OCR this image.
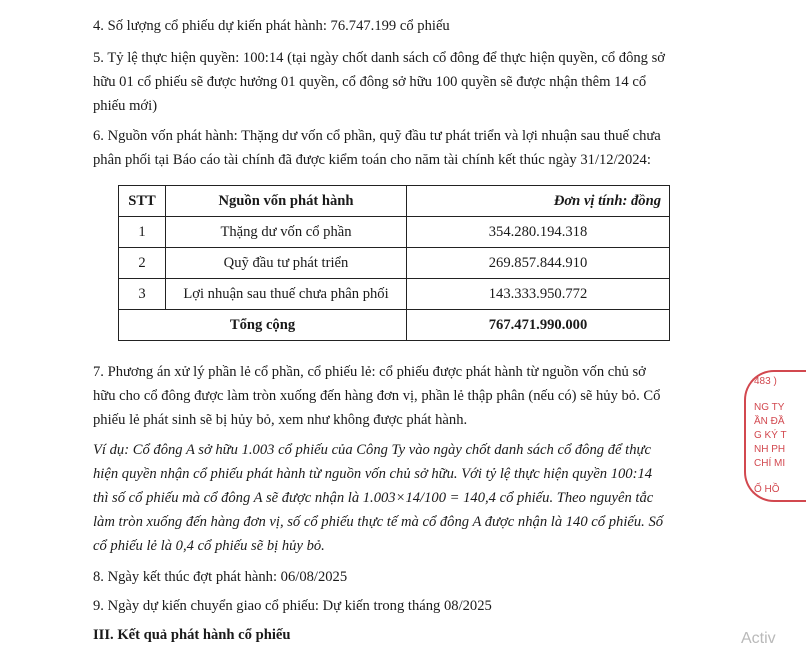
4. Số lượng cổ phiếu dự kiến phát hành: 76.747.199 cổ phiếu
5. Tỷ lệ thực hiện quyền: 100:14 (tại ngày chốt danh sách cổ đông để thực hiện quyền, cổ đông sở
hữu 01 cổ phiếu sẽ được hưởng 01 quyền, cổ đông sở hữu 100 quyền sẽ được nhận thêm 14 cổ
phiếu mới)
6. Nguồn vốn phát hành: Thặng dư vốn cổ phần, quỹ đầu tư phát triển và lợi nhuận sau thuế chưa
phân phối tại Báo cáo tài chính đã được kiểm toán cho năm tài chính kết thúc ngày 31/12/2024:
STT	Nguồn vốn phát hành	Đơn vị tính: đồng
1	Thặng dư vốn cổ phần	354.280.194.318
2	Quỹ đầu tư phát triển	269.857.844.910
3	Lợi nhuận sau thuế chưa phân phối	143.333.950.772
Tổng cộng		767.471.990.000
7. Phương án xử lý phần lẻ cổ phần, cổ phiếu lẻ: cổ phiếu được phát hành từ nguồn vốn chủ sở
hữu cho cổ đông được làm tròn xuống đến hàng đơn vị, phần lẻ thập phân (nếu có) sẽ hủy bỏ. Cổ
phiếu lẻ phát sinh sẽ bị hủy bỏ, xem như không được phát hành.
Ví dụ: Cổ đông A sở hữu 1.003 cổ phiếu của Công Ty vào ngày chốt danh sách cổ đông để thực
hiện quyền nhận cổ phiếu phát hành từ nguồn vốn chủ sở hữu. Với tỷ lệ thực hiện quyền 100:14
thì số cổ phiếu mà cổ đông A sẽ được nhận là 1.003×14/100 = 140,4 cổ phiếu. Theo nguyên tắc
làm tròn xuống đến hàng đơn vị, số cổ phiếu thực tế mà cổ đông A được nhận là 140 cổ phiếu. Số
cổ phiếu lẻ là 0,4 cổ phiếu sẽ bị hủy bỏ.
8. Ngày kết thúc đợt phát hành: 06/08/2025
9. Ngày dự kiến chuyển giao cổ phiếu: Dự kiến trong tháng 08/2025
III. Kết quả phát hành cổ phiếu
483 )
NG TY
ẦN ĐẦ
G KÝ T
NH PH
CHÍ MI
Ố HỒ
Activ
